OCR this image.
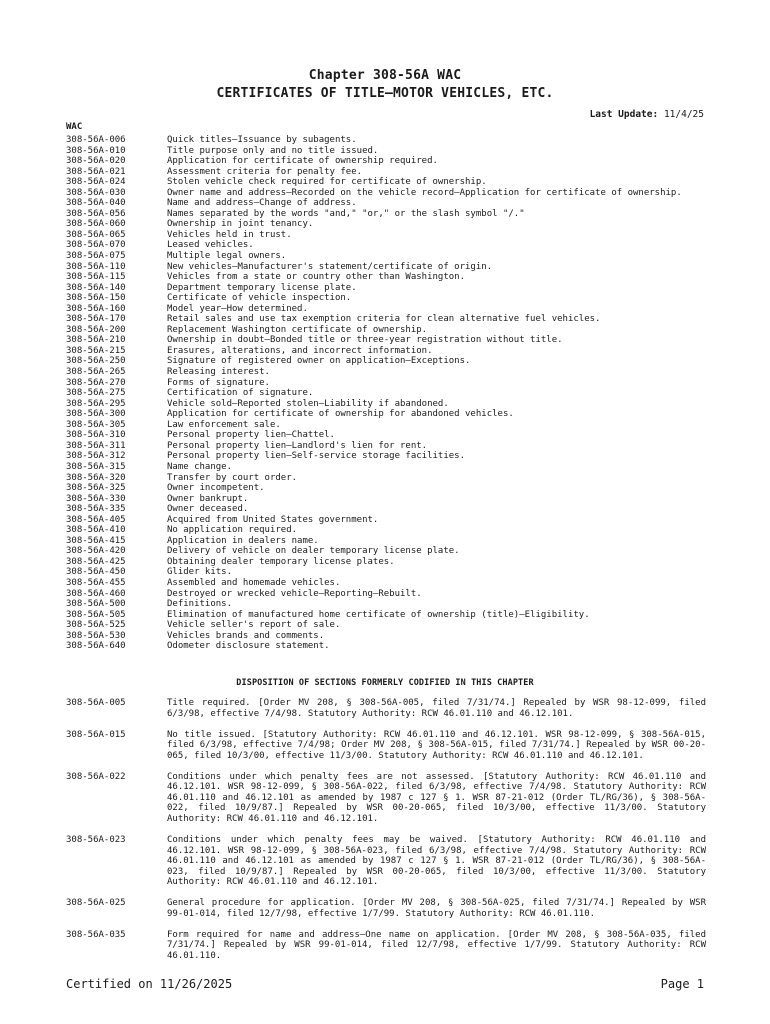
Chapter 308-56A WAC
CERTIFICATES OF TITLE—MOTOR VEHICLES, ETC.
Last Update: 11/4/25
WAC
308-56A-006	Quick titles—Issuance by subagents.
308-56A-010	Title purpose only and no title issued.
308-56A-020	Application for certificate of ownership required.
308-56A-021	Assessment criteria for penalty fee.
308-56A-024	Stolen vehicle check required for certificate of ownership.
308-56A-030	Owner name and address—Recorded on the vehicle record—Application for certificate of ownership.
308-56A-040	Name and address—Change of address.
308-56A-056	Names separated by the words "and," "or," or the slash symbol "/."
308-56A-060	Ownership in joint tenancy.
308-56A-065	Vehicles held in trust.
308-56A-070	Leased vehicles.
308-56A-075	Multiple legal owners.
308-56A-110	New vehicles—Manufacturer's statement/certificate of origin.
308-56A-115	Vehicles from a state or country other than Washington.
308-56A-140	Department temporary license plate.
308-56A-150	Certificate of vehicle inspection.
308-56A-160	Model year—How determined.
308-56A-170	Retail sales and use tax exemption criteria for clean alternative fuel vehicles.
308-56A-200	Replacement Washington certificate of ownership.
308-56A-210	Ownership in doubt—Bonded title or three-year registration without title.
308-56A-215	Erasures, alterations, and incorrect information.
308-56A-250	Signature of registered owner on application—Exceptions.
308-56A-265	Releasing interest.
308-56A-270	Forms of signature.
308-56A-275	Certification of signature.
308-56A-295	Vehicle sold—Reported stolen—Liability if abandoned.
308-56A-300	Application for certificate of ownership for abandoned vehicles.
308-56A-305	Law enforcement sale.
308-56A-310	Personal property lien—Chattel.
308-56A-311	Personal property lien—Landlord's lien for rent.
308-56A-312	Personal property lien—Self-service storage facilities.
308-56A-315	Name change.
308-56A-320	Transfer by court order.
308-56A-325	Owner incompetent.
308-56A-330	Owner bankrupt.
308-56A-335	Owner deceased.
308-56A-405	Acquired from United States government.
308-56A-410	No application required.
308-56A-415	Application in dealers name.
308-56A-420	Delivery of vehicle on dealer temporary license plate.
308-56A-425	Obtaining dealer temporary license plates.
308-56A-450	Glider kits.
308-56A-455	Assembled and homemade vehicles.
308-56A-460	Destroyed or wrecked vehicle—Reporting—Rebuilt.
308-56A-500	Definitions.
308-56A-505	Elimination of manufactured home certificate of ownership (title)—Eligibility.
308-56A-525	Vehicle seller's report of sale.
308-56A-530	Vehicles brands and comments.
308-56A-640	Odometer disclosure statement.
DISPOSITION OF SECTIONS FORMERLY CODIFIED IN THIS CHAPTER
308-56A-005	Title required. [Order MV 208, § 308-56A-005, filed 7/31/74.] Repealed by WSR 98-12-099, filed 6/3/98, effective 7/4/98. Statutory Authority: RCW 46.01.110 and 46.12.101.
308-56A-015	No title issued. [Statutory Authority: RCW 46.01.110 and 46.12.101. WSR 98-12-099, § 308-56A-015, filed 6/3/98, effective 7/4/98; Order MV 208, § 308-56A-015, filed 7/31/74.] Repealed by WSR 00-20-065, filed 10/3/00, effective 11/3/00. Statutory Authority: RCW 46.01.110 and 46.12.101.
308-56A-022	Conditions under which penalty fees are not assessed. [Statutory Authority: RCW 46.01.110 and 46.12.101. WSR 98-12-099, § 308-56A-022, filed 6/3/98, effective 7/4/98. Statutory Authority: RCW 46.01.110 and 46.12.101 as amended by 1987 c 127 § 1. WSR 87-21-012 (Order TL/RG/36), § 308-56A-022, filed 10/9/87.] Repealed by WSR 00-20-065, filed 10/3/00, effective 11/3/00. Statutory Authority: RCW 46.01.110 and 46.12.101.
308-56A-023	Conditions under which penalty fees may be waived. [Statutory Authority: RCW 46.01.110 and 46.12.101. WSR 98-12-099, § 308-56A-023, filed 6/3/98, effective 7/4/98. Statutory Authority: RCW 46.01.110 and 46.12.101 as amended by 1987 c 127 § 1. WSR 87-21-012 (Order TL/RG/36), § 308-56A-023, filed 10/9/87.] Repealed by WSR 00-20-065, filed 10/3/00, effective 11/3/00. Statutory Authority: RCW 46.01.110 and 46.12.101.
308-56A-025	General procedure for application. [Order MV 208, § 308-56A-025, filed 7/31/74.] Repealed by WSR 99-01-014, filed 12/7/98, effective 1/7/99. Statutory Authority: RCW 46.01.110.
308-56A-035	Form required for name and address—One name on application. [Order MV 208, § 308-56A-035, filed 7/31/74.] Repealed by WSR 99-01-014, filed 12/7/98, effective 1/7/99. Statutory Authority: RCW 46.01.110.
Certified on 11/26/2025	Page 1
